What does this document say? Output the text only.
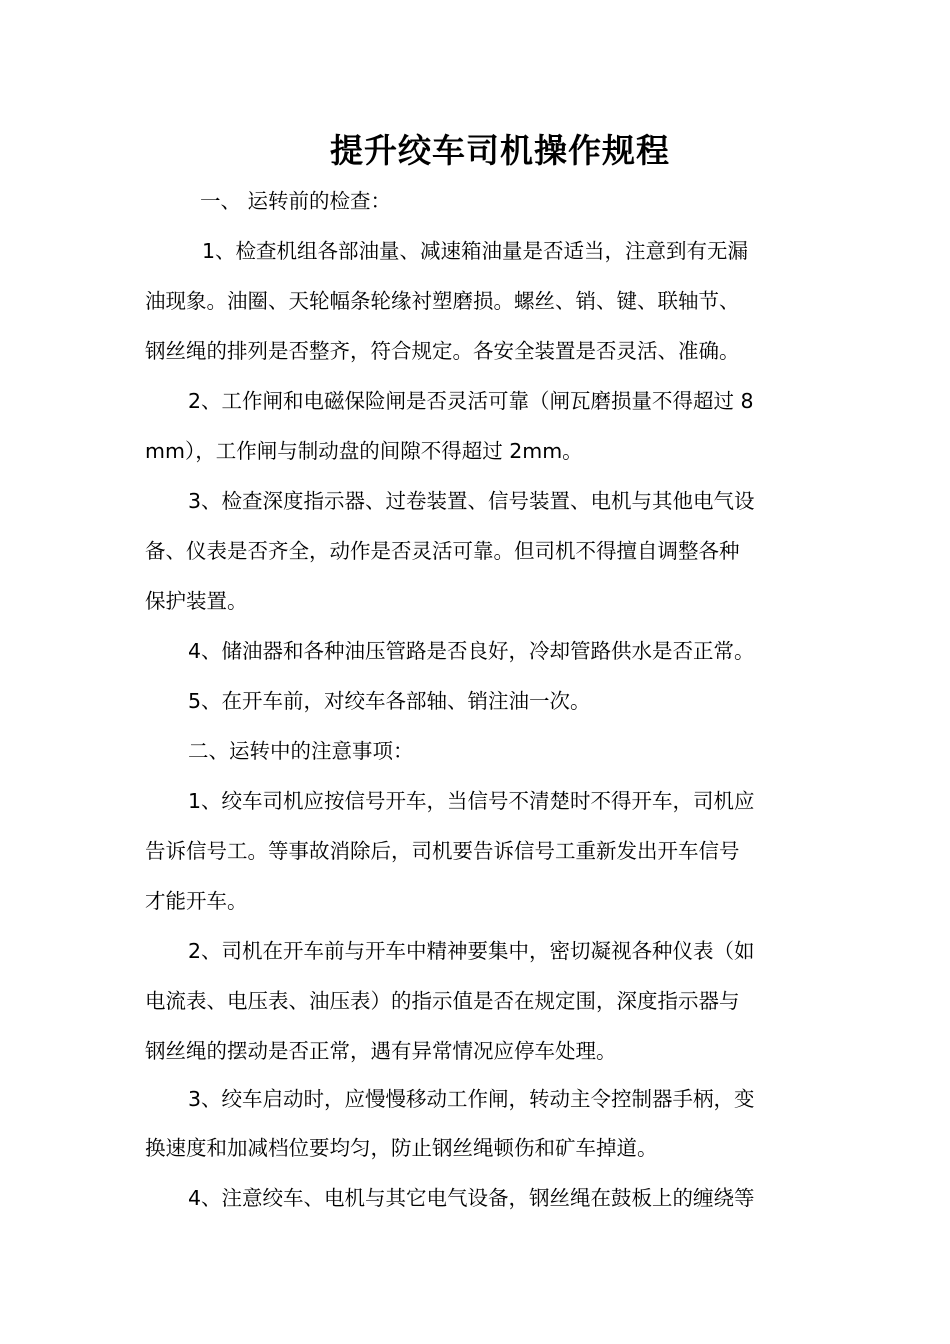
提升绞车司机操作规程
一、 运转前的检查：
1、检查机组各部油量、减速箱油量是否适当，注意到有无漏
油现象。油圈、天轮幅条轮缘衬塑磨损。螺丝、销、键、联轴节、
钢丝绳的排列是否整齐，符合规定。各安全装置是否灵活、准确。
2、工作闸和电磁保险闸是否灵活可靠（闸瓦磨损量不得超过 8
mm），工作闸与制动盘的间隙不得超过 2mm。
3、检查深度指示器、过卷装置、信号装置、电机与其他电气设
备、仪表是否齐全，动作是否灵活可靠。但司机不得擅自调整各种
保护装置。
4、储油器和各种油压管路是否良好，冷却管路供水是否正常。
5、在开车前，对绞车各部轴、销注油一次。
二、运转中的注意事项：
1、绞车司机应按信号开车，当信号不清楚时不得开车，司机应
告诉信号工。等事故消除后，司机要告诉信号工重新发出开车信号
才能开车。
2、司机在开车前与开车中精神要集中，密切凝视各种仪表（如
电流表、电压表、油压表）的指示值是否在规定围，深度指示器与
钢丝绳的摆动是否正常，遇有异常情况应停车处理。
3、绞车启动时，应慢慢移动工作闸，转动主令控制器手柄，变
换速度和加减档位要均匀，防止钢丝绳顿伤和矿车掉道。
4、注意绞车、电机与其它电气设备，钢丝绳在鼓板上的缠绕等
